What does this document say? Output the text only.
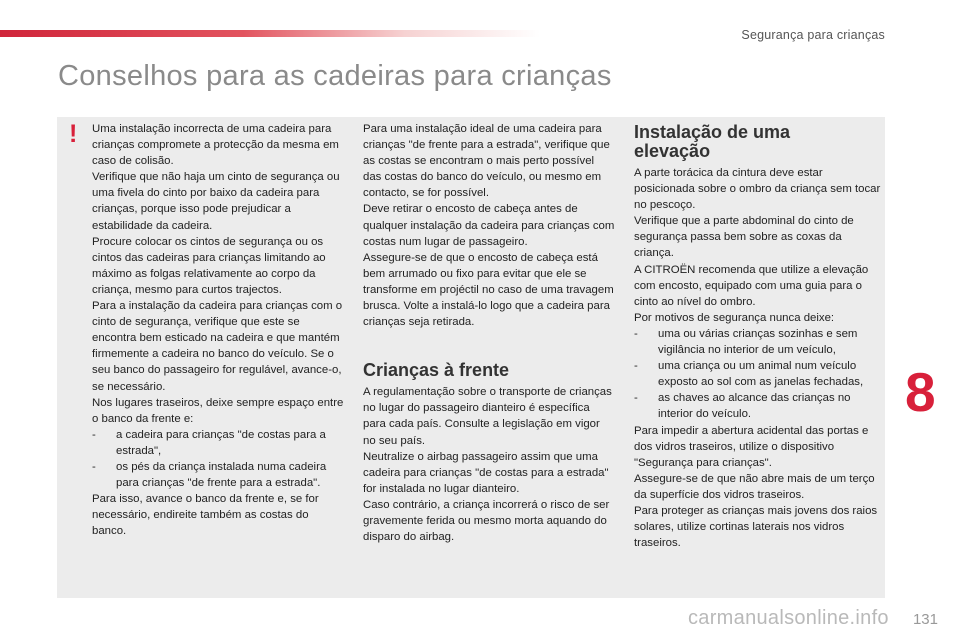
Segurança para crianças
Conselhos para as cadeiras para crianças
! Uma instalação incorrecta de uma cadeira para crianças compromete a protecção da mesma em caso de colisão.

Verifique que não haja um cinto de segurança ou uma fivela do cinto por baixo da cadeira para crianças, porque isso pode prejudicar a estabilidade da cadeira.

Procure colocar os cintos de segurança ou os cintos das cadeiras para crianças limitando ao máximo as folgas relativamente ao corpo da criança, mesmo para curtos trajectos.

Para a instalação da cadeira para crianças com o cinto de segurança, verifique que este se encontra bem esticado na cadeira e que mantém firmemente a cadeira no banco do veículo. Se o seu banco do passageiro for regulável, avance-o, se necessário.

Nos lugares traseiros, deixe sempre espaço entre o banco da frente e:

- a cadeira para crianças "de costas para a estrada",

- os pés da criança instalada numa cadeira para crianças "de frente para a estrada".

Para isso, avance o banco da frente e, se for necessário, endireite também as costas do banco.

Para uma instalação ideal de uma cadeira para crianças "de frente para a estrada", verifique que as costas se encontram o mais perto possível das costas do banco do veículo, ou mesmo em contacto, se for possível.

Deve retirar o encosto de cabeça antes de qualquer instalação da cadeira para crianças com costas num lugar de passageiro.

Assegure-se de que o encosto de cabeça está bem arrumado ou fixo para evitar que ele se transforme em projéctil no caso de uma travagem brusca. Volte a instalá-lo logo que a cadeira para crianças seja retirada.

Crianças à frente

A regulamentação sobre o transporte de crianças no lugar do passageiro dianteiro é específica para cada país. Consulte a legislação em vigor no seu país.

Neutralize o airbag passageiro assim que uma cadeira para crianças "de costas para a estrada" for instalada no lugar dianteiro.

Caso contrário, a criança incorrerá o risco de ser gravemente ferida ou mesmo morta aquando do disparo do airbag.

Instalação de uma elevação

A parte torácica da cintura deve estar posicionada sobre o ombro da criança sem tocar no pescoço.

Verifique que a parte abdominal do cinto de segurança passa bem sobre as coxas da criança.

A CITROËN recomenda que utilize a elevação com encosto, equipado com uma guia para o cinto ao nível do ombro.

Por motivos de segurança nunca deixe:

- uma ou várias crianças sozinhas e sem vigilância no interior de um veículo,

- uma criança ou um animal num veículo exposto ao sol com as janelas fechadas,

- as chaves ao alcance das crianças no interior do veículo.

Para impedir a abertura acidental das portas e dos vidros traseiros, utilize o dispositivo "Segurança para crianças".

Assegure-se de que não abre mais de um terço da superfície dos vidros traseiros.

Para proteger as crianças mais jovens dos raios solares, utilize cortinas laterais nos vidros traseiros.

8
131
carmanualsonline.info
